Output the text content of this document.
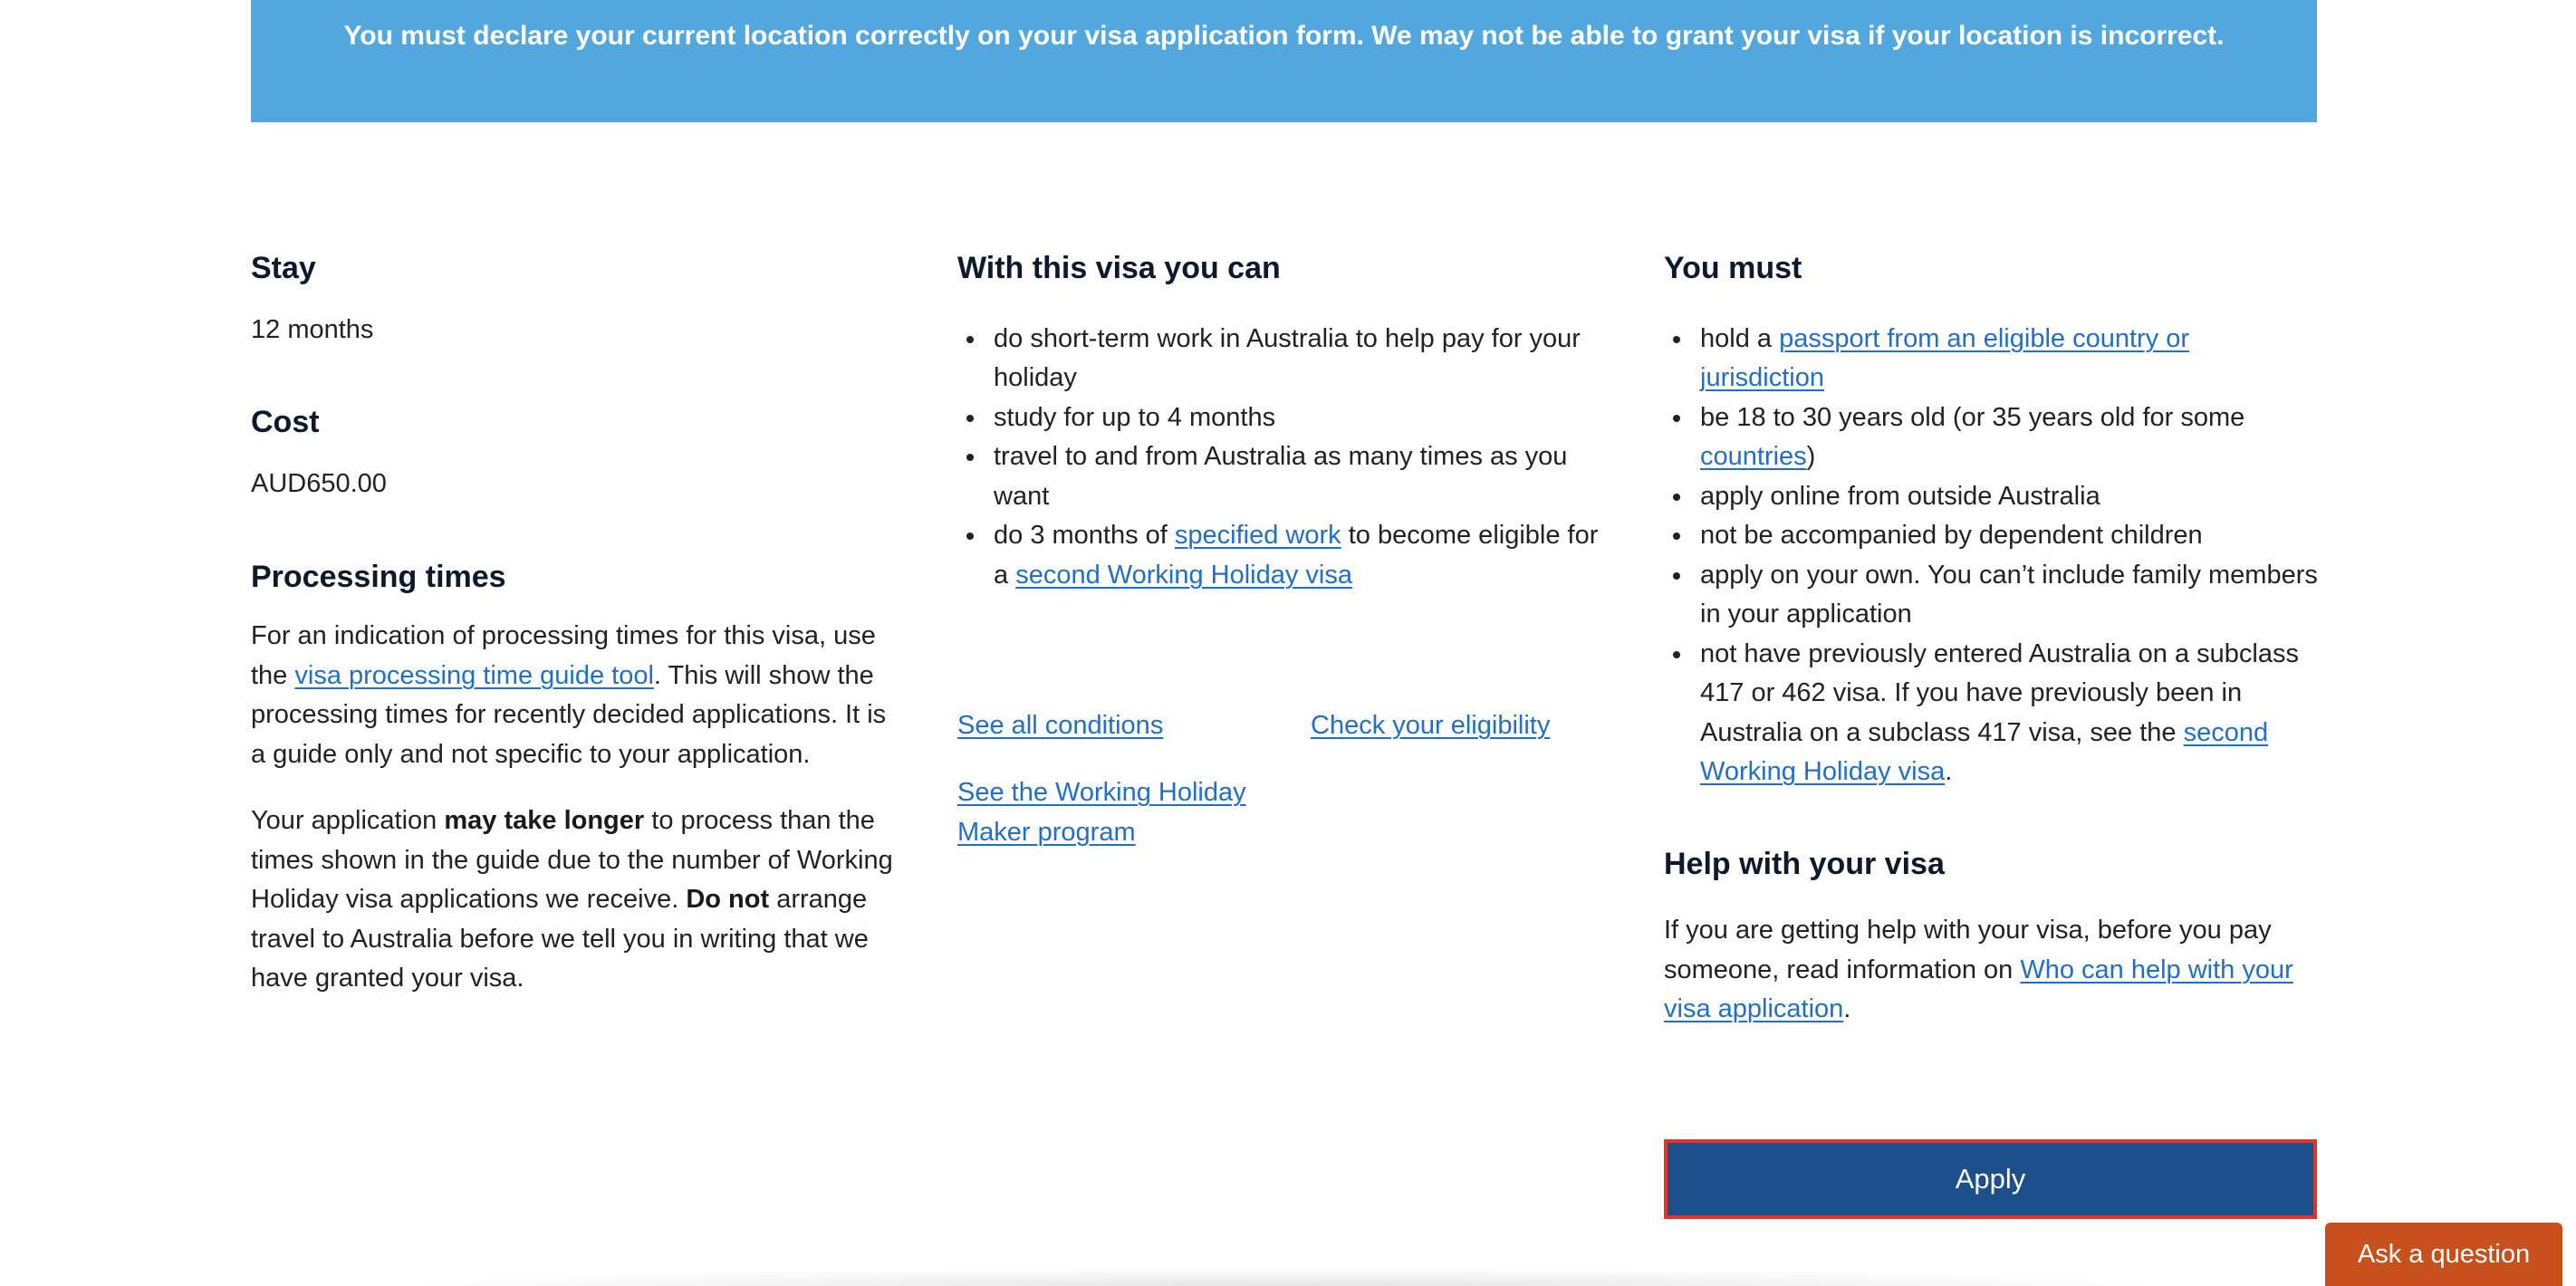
You must declare your current location correctly on your visa application form. We may not be able to grant your visa if your location is incorrect.
Stay

12 months

Cost

AUD650.00

Processing times

For an indication of processing times for this visa, use the visa processing time guide tool. This will show the processing times for recently decided applications. It is a guide only and not specific to your application.

Your application may take longer to process than the times shown in the guide due to the number of Working Holiday visa applications we receive. Do not arrange travel to Australia before we tell you in writing that we have granted your visa.

With this visa you can
do short-term work in Australia to help pay for your holiday
study for up to 4 months
travel to and from Australia as many times as you want
do 3 months of specified work to become eligible for a second Working Holiday visa

See all conditions	Check your eligibility

See the Working Holiday Maker program

You must
hold a passport from an eligible country or jurisdiction
be 18 to 30 years old (or 35 years old for some countries)
apply online from outside Australia
not be accompanied by dependent children
apply on your own. You can’t include family members in your application
not have previously entered Australia on a subclass 417 or 462 visa. If you have previously been in Australia on a subclass 417 visa, see the second Working Holiday visa.
Help with your visa

If you are getting help with your visa, before you pay someone, read information on Who can help with your visa application.

Apply
Ask a question
